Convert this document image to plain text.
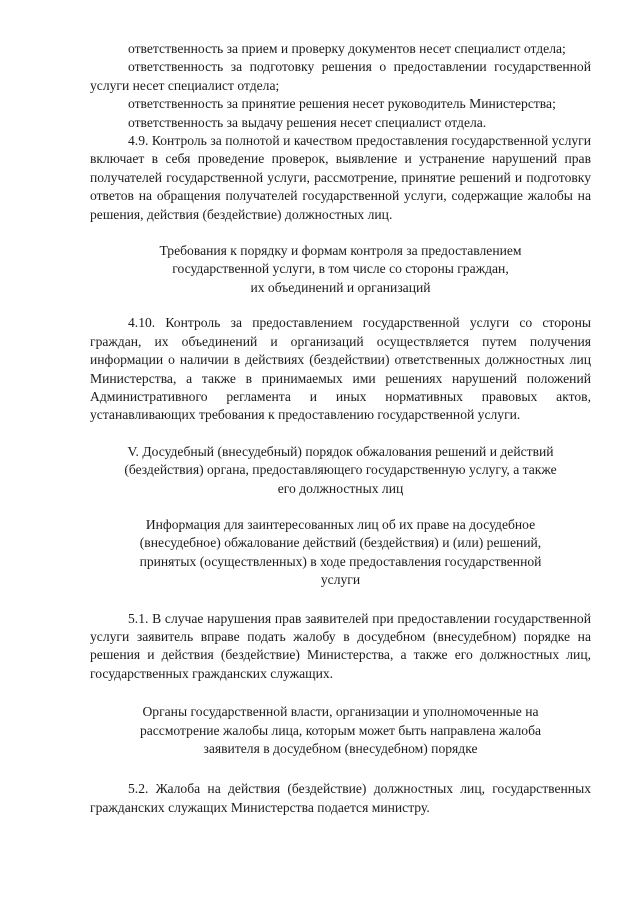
ответственность за прием и проверку документов несет специалист отдела;

ответственность за подготовку решения о предоставлении государственной услуги несет специалист отдела;

ответственность за принятие решения несет руководитель Министерства;

ответственность за выдачу решения несет специалист отдела.

4.9. Контроль за полнотой и качеством предоставления государственной услуги включает в себя проведение проверок, выявление и устранение нарушений прав получателей государственной услуги, рассмотрение, принятие решений и подготовку ответов на обращения получателей государственной услуги, содержащие жалобы на решения, действия (бездействие) должностных лиц.

Требования к порядку и формам контроля за предоставлением
государственной услуги, в том числе со стороны граждан,
их объединений и организаций

4.10. Контроль за предоставлением государственной услуги со стороны граждан, их объединений и организаций осуществляется путем получения информации о наличии в действиях (бездействии) ответственных должностных лиц Министерства, а также в принимаемых ими решениях нарушений положений Административного регламента и иных нормативных правовых актов, устанавливающих требования к предоставлению государственной услуги.

V. Досудебный (внесудебный) порядок обжалования решений и действий
(бездействия) органа, предоставляющего государственную услугу, а также
его должностных лиц
Информация для заинтересованных лиц об их праве на досудебное
(внесудебное) обжалование действий (бездействия) и (или) решений,
принятых (осуществленных) в ходе предоставления государственной
услуги

5.1. В случае нарушения прав заявителей при предоставлении государственной услуги заявитель вправе подать жалобу в досудебном (внесудебном) порядке на решения и действия (бездействие) Министерства, а также его должностных лиц, государственных гражданских служащих.

Органы государственной власти, организации и уполномоченные на
рассмотрение жалобы лица, которым может быть направлена жалоба
заявителя в досудебном (внесудебном) порядке

5.2. Жалоба на действия (бездействие) должностных лиц, государственных гражданских служащих Министерства подается министру.
